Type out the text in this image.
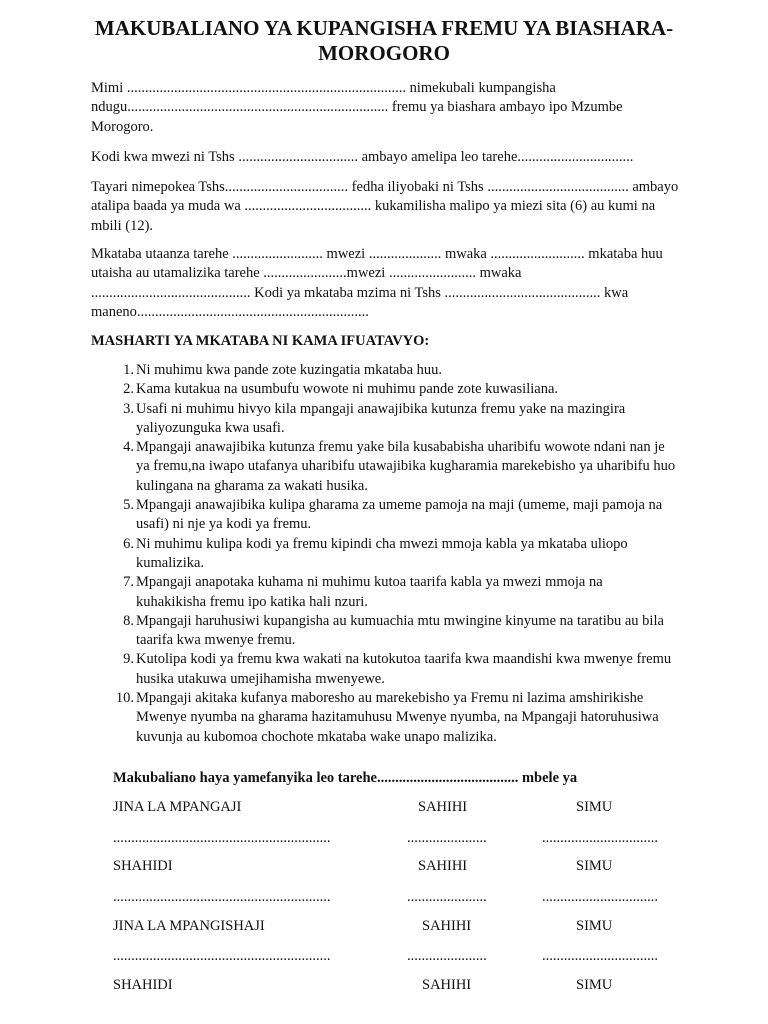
MAKUBALIANO YA KUPANGISHA FREMU YA BIASHARA- MOROGORO

Mimi ............................................................................. nimekubali kumpangisha ndugu........................................................................ fremu ya biashara ambayo ipo Mzumbe Morogoro.

Kodi kwa mwezi ni Tshs ................................. ambayo amelipa leo tarehe................................

Tayari nimepokea Tshs.................................. fedha iliyobaki ni Tshs ....................................... ambayo atalipa baada ya muda wa ................................... kukamilisha malipo ya miezi sita (6) au kumi na mbili (12).

Mkataba utaanza tarehe ......................... mwezi .................... mwaka .......................... mkataba huu utaisha au utamalizika tarehe .......................mwezi ........................ mwaka ............................................ Kodi ya mkataba mzima ni Tshs ........................................... kwa maneno................................................................

MASHARTI YA MKATABA NI KAMA IFUATAVYO:

1. Ni muhimu kwa pande zote kuzingatia mkataba huu.
2. Kama kutakua na usumbufu wowote ni muhimu pande zote kuwasiliana.
3. Usafi ni muhimu hivyo kila mpangaji anawajibika kutunza fremu yake na mazingira yaliyozunguka kwa usafi.
4. Mpangaji anawajibika kutunza fremu yake bila kusababisha uharibifu wowote ndani nan je ya fremu,na iwapo utafanya uharibifu utawajibika kugharamia marekebisho ya uharibifu huo kulingana na gharama za wakati husika.
5. Mpangaji anawajibika kulipa gharama za umeme pamoja na maji (umeme, maji pamoja na usafi) ni nje ya kodi ya fremu.
6. Ni muhimu kulipa kodi ya fremu kipindi cha mwezi mmoja kabla ya mkataba uliopo kumalizika.
7. Mpangaji anapotaka kuhama ni muhimu kutoa taarifa kabla ya mwezi mmoja na kuhakikisha fremu ipo katika hali nzuri.
8. Mpangaji haruhusiwi kupangisha au kumuachia mtu mwingine kinyume na taratibu au bila taarifa kwa mwenye fremu.
9. Kutolipa kodi ya fremu kwa wakati na kutokutoa taarifa kwa maandishi kwa mwenye fremu husika utakuwa umejihamisha mwenyewe.
10. Mpangaji akitaka kufanya maboresho au marekebisho ya Fremu ni lazima amshirikishe Mwenye nyumba na gharama hazitamuhusu Mwenye nyumba, na Mpangaji hatoruhusiwa kuvunja au kubomoa chochote mkataba wake unapo malizika.

Makubaliano haya yamefanyika leo tarehe....................................... mbele ya

JINA LA MPANGAJI	SAHIHI	SIMU
............................................................	......................	................................
SHAHIDI	SAHIHI	SIMU
............................................................	......................	................................
JINA LA MPANGISHAJI	SAHIHI	SIMU
............................................................	......................	................................
SHAHIDI	SAHIHI	SIMU
